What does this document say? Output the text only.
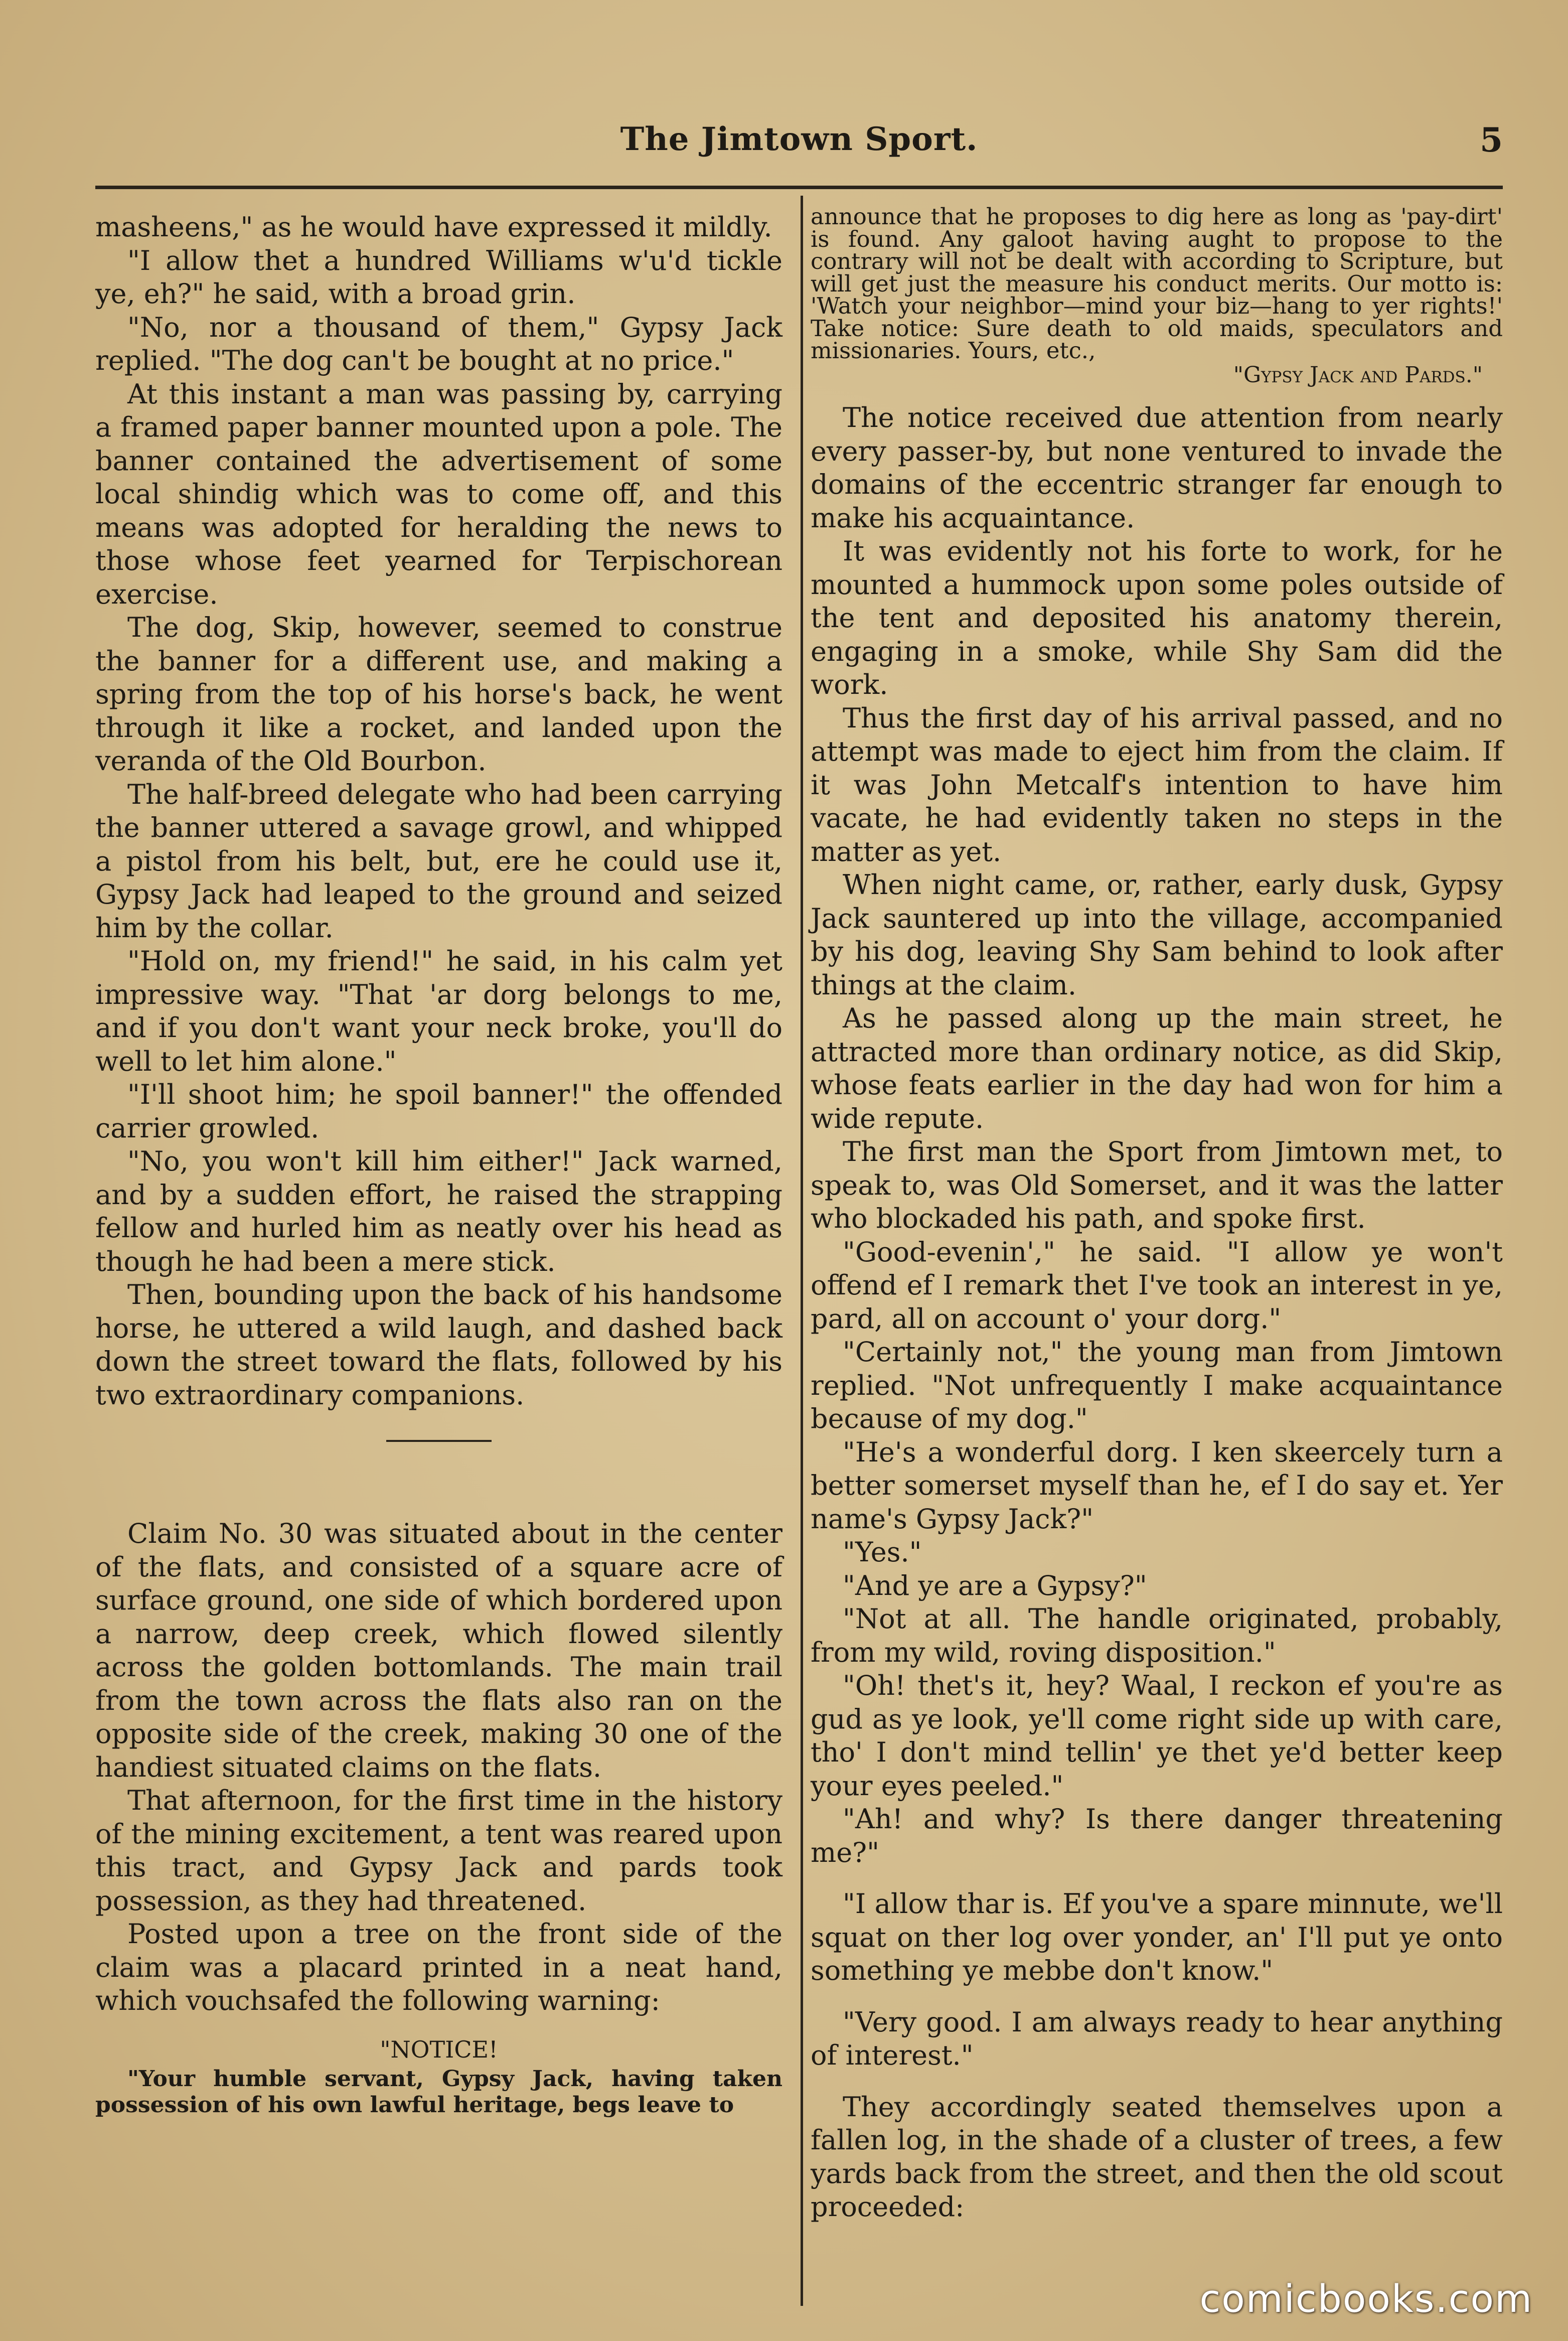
The Jimtown Sport.	5

masheens," as he would have expressed it mildly.

"I allow thet a hundred Williams w'u'd tickle ye, eh?" he said, with a broad grin.

"No, nor a thousand of them," Gypsy Jack replied. "The dog can't be bought at no price."

At this instant a man was passing by, carrying a framed paper banner mounted upon a pole. The banner contained the advertisement of some local shindig which was to come off, and this means was adopted for heralding the news to those whose feet yearned for Terpischorean exercise.

The dog, Skip, however, seemed to construe the banner for a different use, and making a spring from the top of his horse's back, he went through it like a rocket, and landed upon the veranda of the Old Bourbon.

The half-breed delegate who had been carrying the banner uttered a savage growl, and whipped a pistol from his belt, but, ere he could use it, Gypsy Jack had leaped to the ground and seized him by the collar.

"Hold on, my friend!" he said, in his calm yet impressive way. "That 'ar dorg belongs to me, and if you don't want your neck broke, you'll do well to let him alone."

"I'll shoot him; he spoil banner!" the offended carrier growled.

"No, you won't kill him either!" Jack warned, and by a sudden effort, he raised the strapping fellow and hurled him as neatly over his head as though he had been a mere stick.

Then, bounding upon the back of his handsome horse, he uttered a wild laugh, and dashed back down the street toward the flats, followed by his two extraordinary companions.

Claim No. 30 was situated about in the center of the flats, and consisted of a square acre of surface ground, one side of which bordered upon a narrow, deep creek, which flowed silently across the golden bottomlands. The main trail from the town across the flats also ran on the opposite side of the creek, making 30 one of the handiest situated claims on the flats.

That afternoon, for the first time in the history of the mining excitement, a tent was reared upon this tract, and Gypsy Jack and pards took possession, as they had threatened.

Posted upon a tree on the front side of the claim was a placard printed in a neat hand, which vouchsafed the following warning:

"NOTICE!

"Your humble servant, Gypsy Jack, having taken possession of his own lawful heritage, begs leave to

announce that he proposes to dig here as long as 'pay-dirt' is found. Any galoot having aught to propose to the contrary will not be dealt with according to Scripture, but will get just the measure his conduct merits. Our motto is: 'Watch your neighbor—mind your biz—hang to yer rights!' Take notice: Sure death to old maids, speculators and missionaries. Yours, etc.,

"Gypsy Jack and Pards."

The notice received due attention from nearly every passer-by, but none ventured to invade the domains of the eccentric stranger far enough to make his acquaintance.

It was evidently not his forte to work, for he mounted a hummock upon some poles outside of the tent and deposited his anatomy therein, engaging in a smoke, while Shy Sam did the work.

Thus the first day of his arrival passed, and no attempt was made to eject him from the claim. If it was John Metcalf's intention to have him vacate, he had evidently taken no steps in the matter as yet.

When night came, or, rather, early dusk, Gypsy Jack sauntered up into the village, accompanied by his dog, leaving Shy Sam behind to look after things at the claim.

As he passed along up the main street, he attracted more than ordinary notice, as did Skip, whose feats earlier in the day had won for him a wide repute.

The first man the Sport from Jimtown met, to speak to, was Old Somerset, and it was the latter who blockaded his path, and spoke first.

"Good-evenin'," he said. "I allow ye won't offend ef I remark thet I've took an interest in ye, pard, all on account o' your dorg."

"Certainly not," the young man from Jimtown replied. "Not unfrequently I make acquaintance because of my dog."

"He's a wonderful dorg. I ken skeercely turn a better somerset myself than he, ef I do say et. Yer name's Gypsy Jack?"

"Yes."

"And ye are a Gypsy?"

"Not at all. The handle originated, probably, from my wild, roving disposition."

"Oh! thet's it, hey? Waal, I reckon ef you're as gud as ye look, ye'll come right side up with care, tho' I don't mind tellin' ye thet ye'd better keep your eyes peeled."

"Ah! and why? Is there danger threatening me?"

"I allow thar is. Ef you've a spare minnute, we'll squat on ther log over yonder, an' I'll put ye onto something ye mebbe don't know."

"Very good. I am always ready to hear anything of interest."

They accordingly seated themselves upon a fallen log, in the shade of a cluster of trees, a few yards back from the street, and then the old scout proceeded:

comicbooks.com
